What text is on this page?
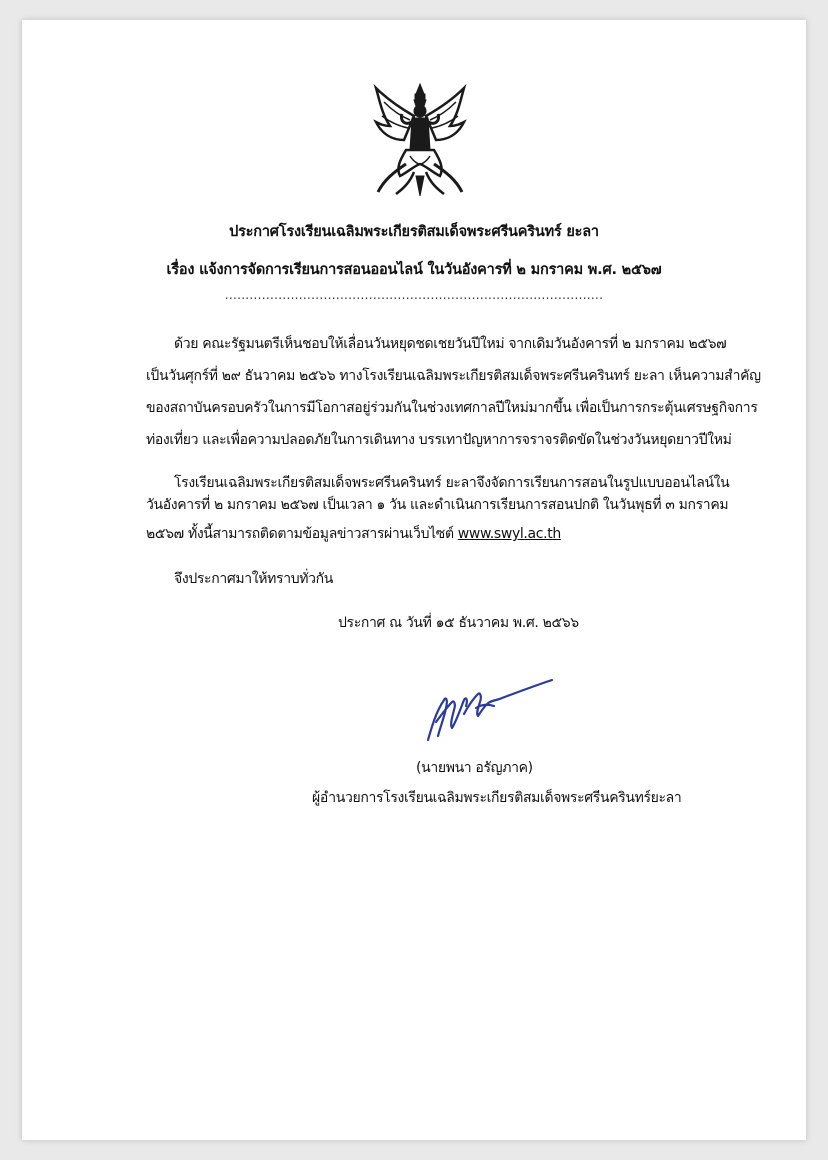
ประกาศโรงเรียนเฉลิมพระเกียรติสมเด็จพระศรีนครินทร์ ยะลา
เรื่อง แจ้งการจัดการเรียนการสอนออนไลน์ ในวันอังคารที่ ๒ มกราคม พ.ศ. ๒๕๖๗
............................................................................................
ด้วย คณะรัฐมนตรีเห็นชอบให้เลื่อนวันหยุดชดเชยวันปีใหม่ จากเดิมวันอังคารที่ ๒ มกราคม ๒๕๖๗
เป็นวันศุกร์ที่ ๒๙ ธันวาคม ๒๕๖๖ ทางโรงเรียนเฉลิมพระเกียรติสมเด็จพระศรีนครินทร์ ยะลา เห็นความสำคัญ
ของสถาบันครอบครัวในการมีโอกาสอยู่ร่วมกันในช่วงเทศกาลปีใหม่มากขึ้น เพื่อเป็นการกระตุ้นเศรษฐกิจการ
ท่องเที่ยว และเพื่อความปลอดภัยในการเดินทาง บรรเทาปัญหาการจราจรติดขัดในช่วงวันหยุดยาวปีใหม่
โรงเรียนเฉลิมพระเกียรติสมเด็จพระศรีนครินทร์ ยะลาจึงจัดการเรียนการสอนในรูปแบบออนไลน์ใน
วันอังคารที่ ๒ มกราคม ๒๕๖๗ เป็นเวลา ๑ วัน และดำเนินการเรียนการสอนปกติ ในวันพุธที่ ๓ มกราคม
๒๕๖๗ ทั้งนี้สามารถติดตามข้อมูลข่าวสารผ่านเว็บไซต์ www.swyl.ac.th
จึงประกาศมาให้ทราบทั่วกัน
ประกาศ ณ วันที่ ๑๕ ธันวาคม พ.ศ. ๒๕๖๖
(นายพนา อรัญภาค)
ผู้อำนวยการโรงเรียนเฉลิมพระเกียรติสมเด็จพระศรีนครินทร์ยะลา
